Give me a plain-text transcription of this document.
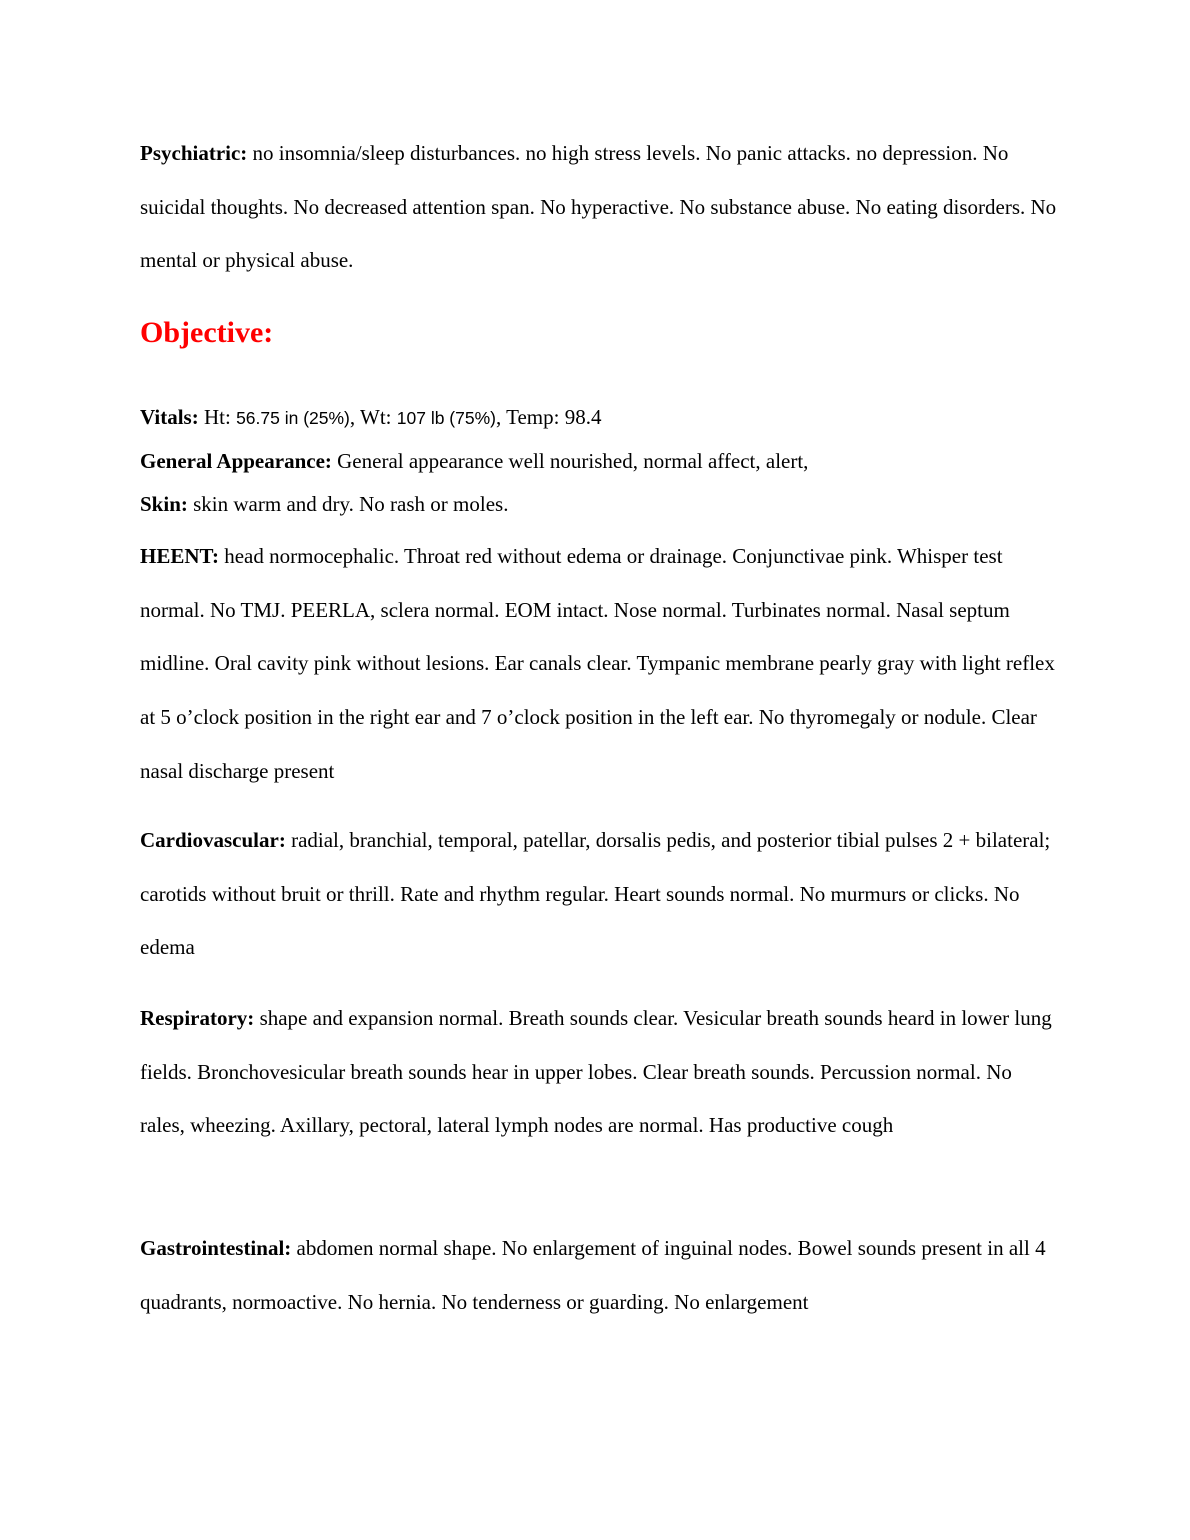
Psychiatric: no insomnia/sleep disturbances. no high stress levels. No panic attacks. no depression. No suicidal thoughts. No decreased attention span. No hyperactive. No substance abuse. No eating disorders. No mental or physical abuse.

Objective:

Vitals: Ht: 56.75 in (25%), Wt: 107 lb (75%), Temp: 98.4

General Appearance: General appearance well nourished, normal affect, alert,

Skin: skin warm and dry. No rash or moles.

HEENT: head normocephalic. Throat red without edema or drainage. Conjunctivae pink. Whisper test normal. No TMJ. PEERLA, sclera normal. EOM intact. Nose normal. Turbinates normal. Nasal septum midline. Oral cavity pink without lesions. Ear canals clear. Tympanic membrane pearly gray with light reflex at 5 o’clock position in the right ear and 7 o’clock position in the left ear. No thyromegaly or nodule. Clear nasal discharge present

Cardiovascular: radial, branchial, temporal, patellar, dorsalis pedis, and posterior tibial pulses 2 + bilateral; carotids without bruit or thrill. Rate and rhythm regular. Heart sounds normal. No murmurs or clicks. No edema

Respiratory: shape and expansion normal. Breath sounds clear. Vesicular breath sounds heard in lower lung fields. Bronchovesicular breath sounds hear in upper lobes. Clear breath sounds. Percussion normal. No rales, wheezing. Axillary, pectoral, lateral lymph nodes are normal. Has productive cough

Gastrointestinal: abdomen normal shape. No enlargement of inguinal nodes. Bowel sounds present in all 4 quadrants, normoactive. No hernia. No tenderness or guarding. No enlargement
